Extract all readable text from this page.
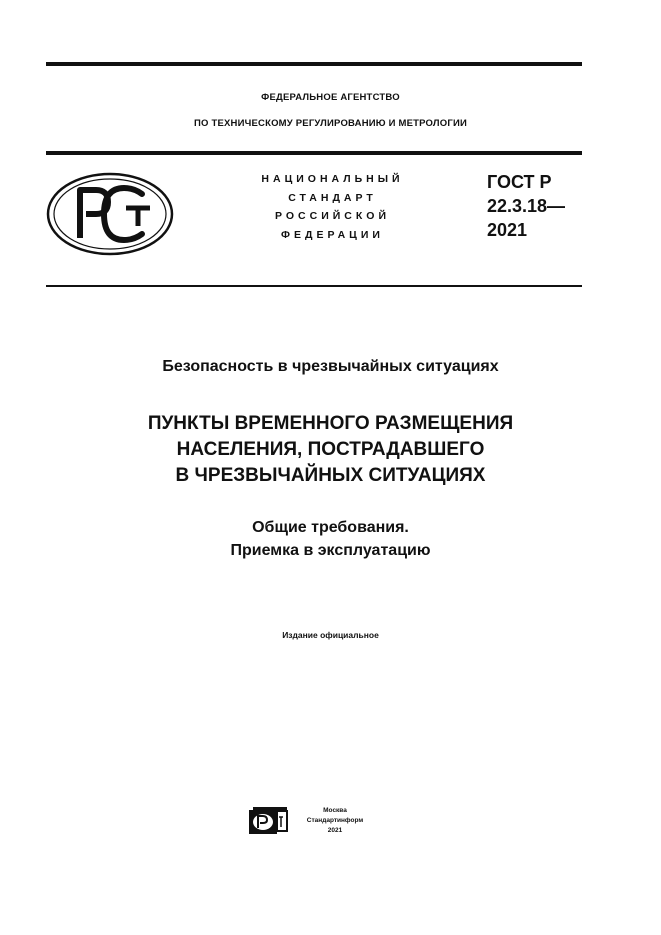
ФЕДЕРАЛЬНОЕ АГЕНТСТВО
ПО ТЕХНИЧЕСКОМУ РЕГУЛИРОВАНИЮ И МЕТРОЛОГИИ
НАЦИОНАЛЬНЫЙ
СТАНДАРТ
РОССИЙСКОЙ
ФЕДЕРАЦИИ
ГОСТ Р
22.3.18—
2021
Безопасность в чрезвычайных ситуациях
ПУНКТЫ ВРЕМЕННОГО РАЗМЕЩЕНИЯ
НАСЕЛЕНИЯ, ПОСТРАДАВШЕГО
В ЧРЕЗВЫЧАЙНЫХ СИТУАЦИЯХ
Общие требования.
Приемка в эксплуатацию
Издание официальное
Москва
Стандартинформ
2021
